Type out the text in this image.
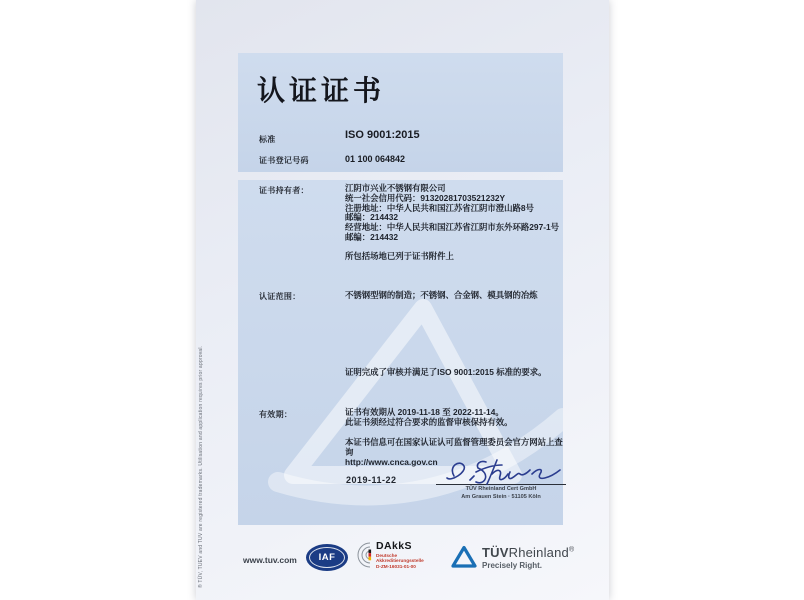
® TÜV, TUEV and TUV are registered trademarks. Utilisation and application requires prior approval.
认证证书
标准	ISO 9001:2015
证书登记号码	01 100 064842
证书持有者：	江阴市兴业不锈钢有限公司
统一社会信用代码：91320281703521232Y
注册地址：中华人民共和国江苏省江阴市澄山路8号
邮编：214432
经营地址：中华人民共和国江苏省江阴市东外环路297-1号
邮编：214432
所包括场地已列于证书附件上
认证范围：	不锈钢型钢的制造；不锈钢、合金钢、模具钢的冶炼
证明完成了审核并满足了ISO 9001:2015 标准的要求。
有效期：	证书有效期从 2019-11-18 至 2022-11-14。
此证书须经过符合要求的监督审核保持有效。
本证书信息可在国家认证认可监督管理委员会官方网站上查询
http://www.cnca.gov.cn
2019-11-22
TÜV Rheinland Cert GmbH
Am Grauen Stein · 51105 Köln
www.tuv.com	IAF
DAkkS
Deutsche
Akkreditierungsstelle
D-ZM-16031-01-00
TÜVRheinland®
Precisely Right.
